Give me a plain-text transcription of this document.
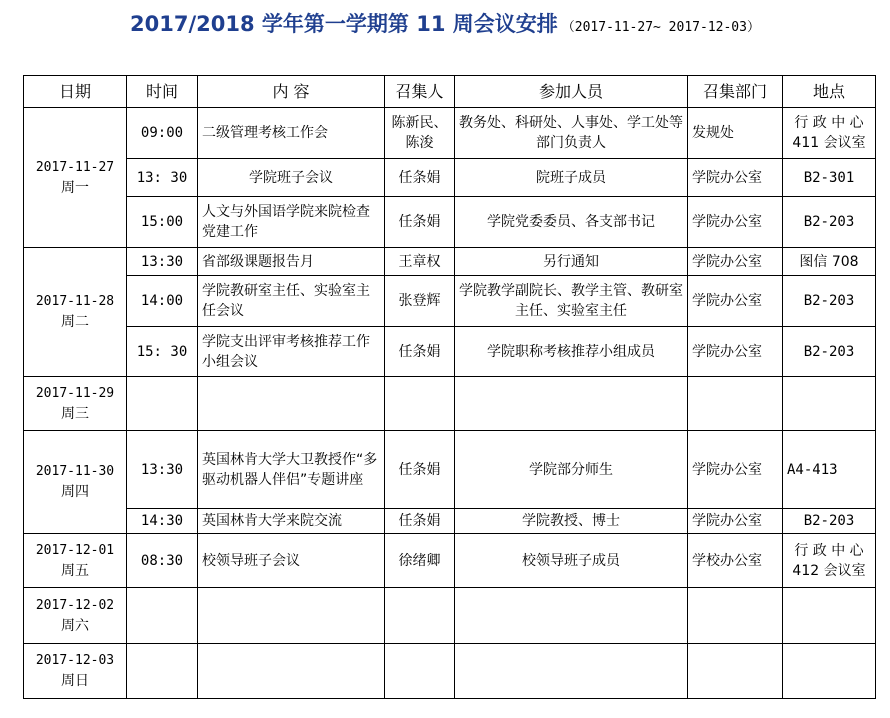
2017/2018 学年第一学期第 11 周会议安排 （2017-11-27~ 2017-12-03）
日期	时间	内 容	召集人	参加人员	召集部门	地点

2017-11-27
周一	09:00	二级管理考核工作会	陈新民、陈浚	教务处、科研处、人事处、学工处等部门负责人	发规处	行 政 中 心 411 会议室
	13: 30	学院班子会议	任条娟	院班子成员	学院办公室	B2-301
	15:00	人文与外国语学院来院检查党建工作	任条娟	学院党委委员、各支部书记	学院办公室	B2-203

2017-11-28
周二	13:30	省部级课题报告月	王章权	另行通知	学院办公室	图信 708
	14:00	学院教研室主任、实验室主任会议	张登辉	学院教学副院长、教学主管、教研室主任、实验室主任	学院办公室	B2-203
	15: 30	学院支出评审考核推荐工作小组会议	任条娟	学院职称考核推荐小组成员	学院办公室	B2-203

2017-11-29
周三						

2017-11-30
周四	13:30	英国林肯大学大卫教授作“多驱动机器人伴侣”专题讲座	任条娟	学院部分师生	学院办公室	A4-413
	14:30	英国林肯大学来院交流	任条娟	学院教授、博士	学院办公室	B2-203

2017-12-01
周五	08:30	校领导班子会议	徐绪卿	校领导班子成员	学校办公室	行 政 中 心 412 会议室

2017-12-02
周六						

2017-12-03
周日						
